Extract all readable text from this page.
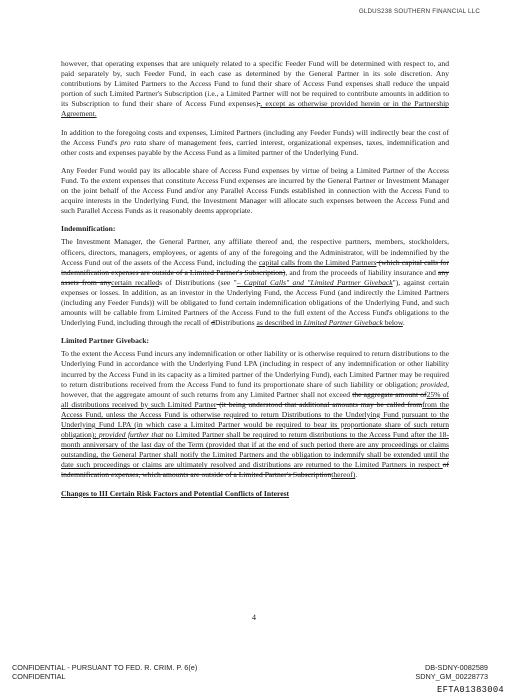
GLDUS238 SOUTHERN FINANCIAL LLC

however, that operating expenses that are uniquely related to a specific Feeder Fund will be determined with respect to, and paid separately by, such Feeder Fund, in each case as determined by the General Partner in its sole discretion. Any contributions by Limited Partners to the Access Fund to fund their share of Access Fund expenses shall reduce the unpaid portion of such Limited Partner's Subscription (i.e., a Limited Partner will not be required to contribute amounts in addition to its Subscription to fund their share of Access Fund expenses)., except as otherwise provided herein or in the Partnership Agreement.

In addition to the foregoing costs and expenses, Limited Partners (including any Feeder Funds) will indirectly bear the cost of the Access Fund's pro rata share of management fees, carried interest, organizational expenses, taxes, indemnification and other costs and expenses payable by the Access Fund as a limited partner of the Underlying Fund.

Any Feeder Fund would pay its allocable share of Access Fund expenses by virtue of being a Limited Partner of the Access Fund. To the extent expenses that constitute Access Fund expenses are incurred by the General Partner or Investment Manager on the joint behalf of the Access Fund and/or any Parallel Access Funds established in connection with the Access Fund to acquire interests in the Underlying Fund, the Investment Manager will allocate such expenses between the Access Fund and such Parallel Access Funds as it reasonably deems appropriate.

Indemnification:

The Investment Manager, the General Partner, any affiliate thereof and, the respective partners, members, stockholders, officers, directors, managers, employees, or agents of any of the foregoing and the Administrator, will be indemnified by the Access Fund out of the assets of the Access Fund, including the capital calls from the Limited Partners (which capital calls for indemnification expenses are outside of a Limited Partner's Subscription), and from the proceeds of liability insurance and any assets from anycertain recalleds of Distributions (see "– Capital Calls" and "Limited Partner Giveback"), against certain expenses or losses. In addition, as an investor in the Underlying Fund, the Access Fund (and indirectly the Limited Partners (including any Feeder Funds)) will be obligated to fund certain indemnification obligations of the Underlying Fund, and such amounts will be callable from Limited Partners of the Access Fund to the full extent of the Access Fund's obligations to the Underlying Fund, including through the recall of dDistributions as described in Limited Partner Giveback below.

Limited Partner Giveback:

To the extent the Access Fund incurs any indemnification or other liability or is otherwise required to return distributions to the Underlying Fund in accordance with the Underlying Fund LPA (including in respect of any indemnification or other liability incurred by the Access Fund in its capacity as a limited partner of the Underlying Fund), each Limited Partner may be required to return distributions received from the Access Fund to fund its proportionate share of such liability or obligation; provided, however, that the aggregate amount of such returns from any Limited Partner shall not exceed the aggregate amount of25% of all distributions received by such Limited Partner (it being understood that additional amounts may be called fromfrom the Access Fund, unless the Access Fund is otherwise required to return Distributions to the Underlying Fund pursuant to the Underlying Fund LPA (in which case a Limited Partner would be required to bear its proportionate share of such return obligation); provided further that no Limited Partner shall be required to return distributions to the Access Fund after the 18-month anniversary of the last day of the Term (provided that if at the end of such period there are any proceedings or claims outstanding, the General Partner shall notify the Limited Partners and the obligation to indemnify shall be extended until the date such proceedings or claims are ultimately resolved and distributions are returned to the Limited Partners in respect of indemnification expenses, which amounts are outside of a Limited Partner's Subscriptionthereof).

Changes to III Certain Risk Factors and Potential Conflicts of Interest
4
CONFIDENTIAL - PURSUANT TO FED. R. CRIM. P. 6(e)
CONFIDENTIAL
DB-SDNY-0082589
SDNY_GM_00228773
EFTA01383004
